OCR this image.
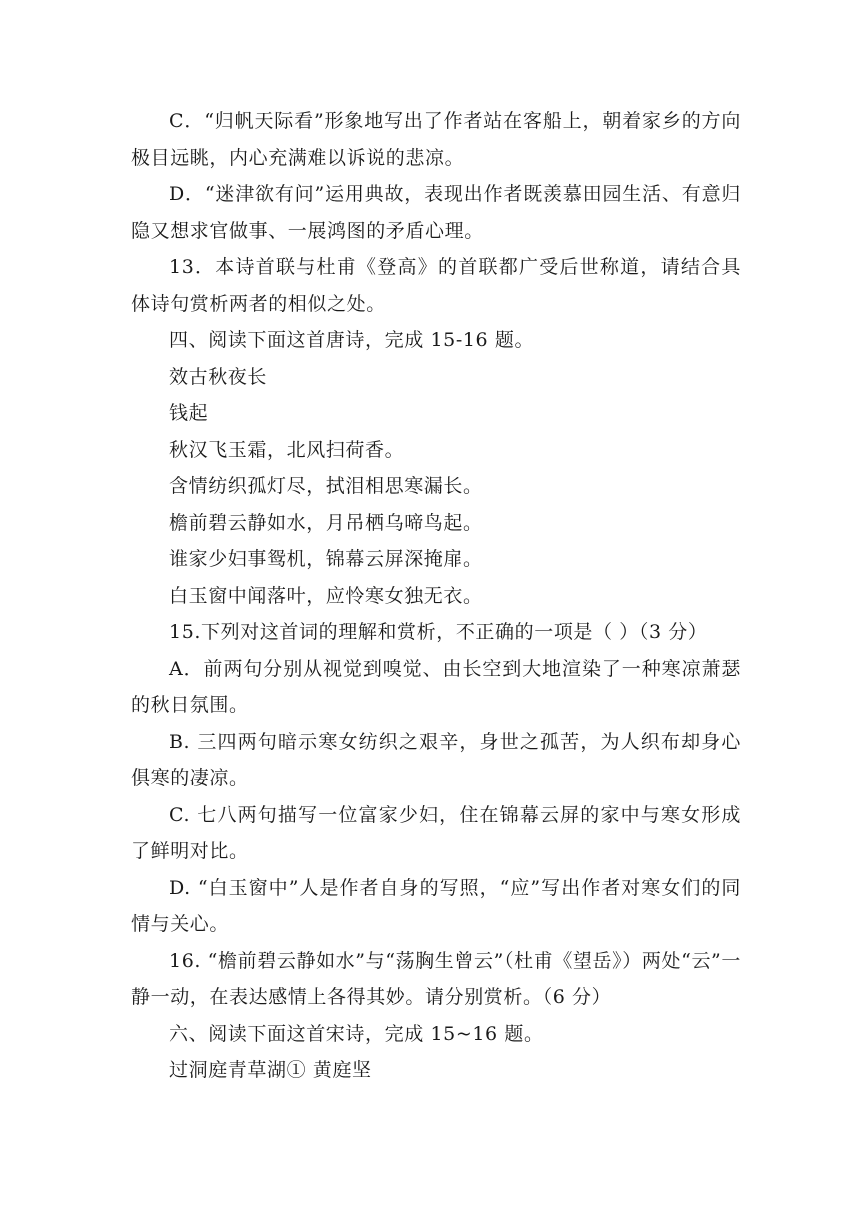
C．“归帆天际看”形象地写出了作者站在客船上，朝着家乡的方向极目远眺，内心充满难以诉说的悲凉。

D．“迷津欲有问”运用典故，表现出作者既羡慕田园生活、有意归隐又想求官做事、一展鸿图的矛盾心理。

13．本诗首联与杜甫《登高》的首联都广受后世称道，请结合具体诗句赏析两者的相似之处。

四、阅读下面这首唐诗，完成 15-16 题。

效古秋夜长

钱起

秋汉飞玉霜，北风扫荷香。

含情纺织孤灯尽，拭泪相思寒漏长。

檐前碧云静如水，月吊栖乌啼鸟起。

谁家少妇事鸳机，锦幕云屏深掩扉。

白玉窗中闻落叶，应怜寒女独无衣。

15.下列对这首词的理解和赏析，不正确的一项是（ ）（3 分）

A．前两句分别从视觉到嗅觉、由长空到大地渲染了一种寒凉萧瑟的秋日氛围。

B. 三四两句暗示寒女纺织之艰辛，身世之孤苦，为人织布却身心俱寒的凄凉。

C. 七八两句描写一位富家少妇，住在锦幕云屏的家中与寒女形成了鲜明对比。

D. “白玉窗中”人是作者自身的写照，“应”写出作者对寒女们的同情与关心。

16. “檐前碧云静如水”与“荡胸生曾云”（杜甫《望岳》）两处“云”一静一动，在表达感情上各得其妙。请分别赏析。（6 分）

六、阅读下面这首宋诗，完成 15~16 题。

过洞庭青草湖① 黄庭坚
